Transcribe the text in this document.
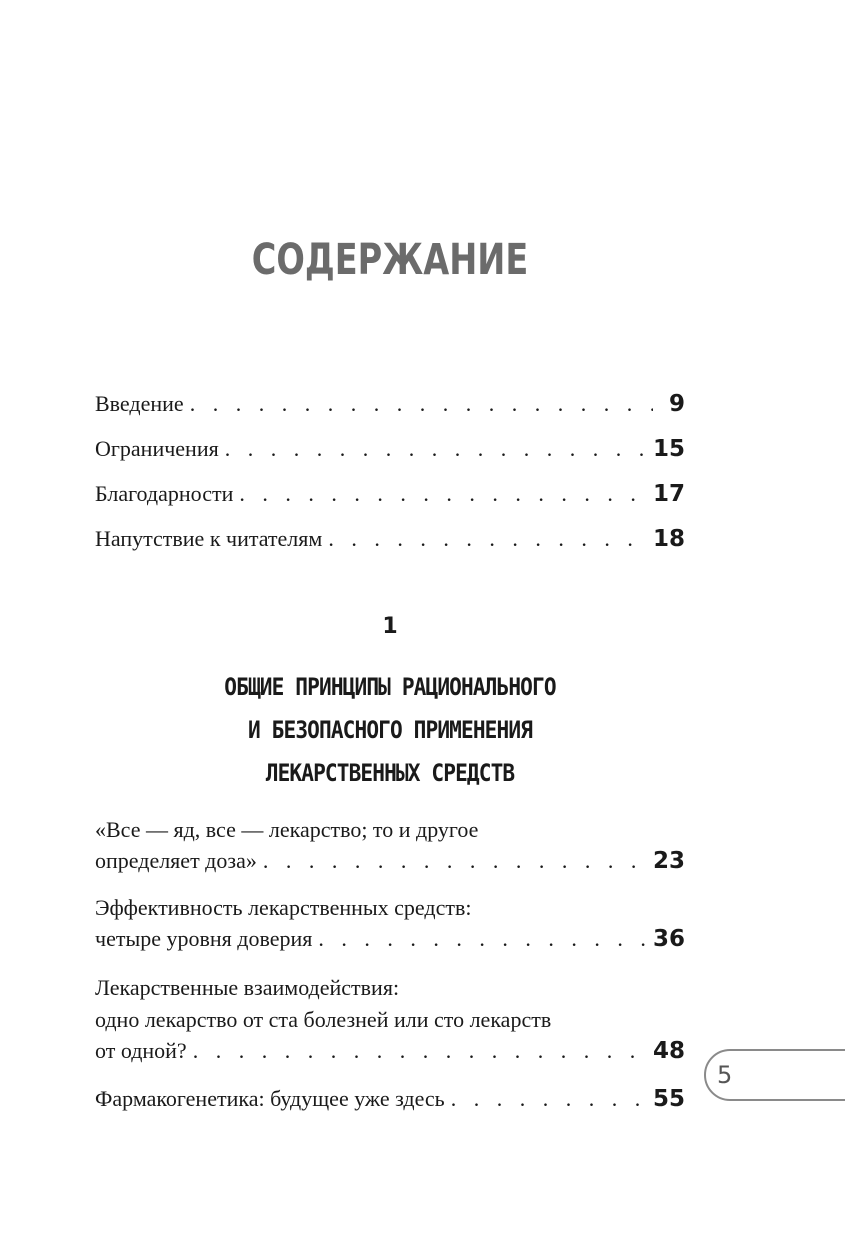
СОДЕРЖАНИЕ
Введение . . .	9
Ограничения . . .	15
Благодарности . . .	17
Напутствие к читателям . . .	18
1
ОБЩИЕ ПРИНЦИПЫ РАЦИОНАЛЬНОГО
И БЕЗОПАСНОГО ПРИМЕНЕНИЯ
ЛЕКАРСТВЕННЫХ СРЕДСТВ
«Все — яд, все — лекарство; то и другое
определяет доза» . . .	23
Эффективность лекарственных средств:
четыре уровня доверия . . .	36
Лекарственные взаимодействия:
одно лекарство от ста болезней или сто лекарств
от одной? . . .	48
Фармакогенетика: будущее уже здесь . . .	55
5
